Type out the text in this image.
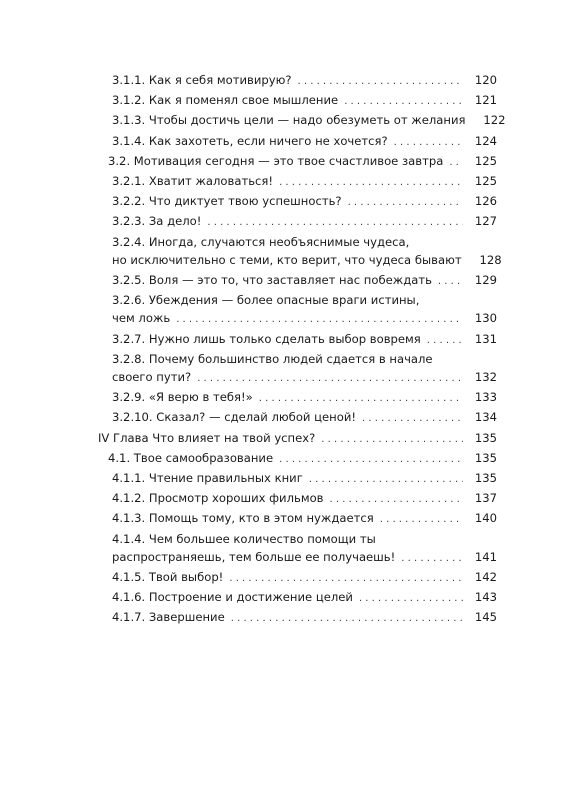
3.1.1. Как я себя мотивирую? . . .	120
3.1.2. Как я поменял свое мышление . . .	121
3.1.3. Чтобы достичь цели — надо обезуметь от желания	122
3.1.4. Как захотеть, если ничего не хочется? . . .	124
3.2. Мотивация сегодня — это твое счастливое завтра . . .	125
3.2.1. Хватит жаловаться! . . .	125
3.2.2. Что диктует твою успешность? . . .	126
3.2.3. За дело! . . .	127
3.2.4. Иногда, случаются необъяснимые чудеса,
но исключительно с теми, кто верит, что чудеса бывают	128
3.2.5. Воля — это то, что заставляет нас побеждать . . .	129
3.2.6. Убеждения — более опасные враги истины,
чем ложь . . .	130
3.2.7. Нужно лишь только сделать выбор вовремя . . .	131
3.2.8. Почему большинство людей сдается в начале
своего пути? . . .	132
3.2.9. «Я верю в тебя!» . . .	133
3.2.10. Сказал? — сделай любой ценой! . . .	134
IV Глава Что влияет на твой успех? . . .	135
4.1. Твое самообразование . . .	135
4.1.1. Чтение правильных книг . . .	135
4.1.2. Просмотр хороших фильмов . . .	137
4.1.3. Помощь тому, кто в этом нуждается . . .	140
4.1.4. Чем большее количество помощи ты
распространяешь, тем больше ее получаешь! . . .	141
4.1.5. Твой выбор! . . .	142
4.1.6. Построение и достижение целей . . .	143
4.1.7. Завершение . . .	145
